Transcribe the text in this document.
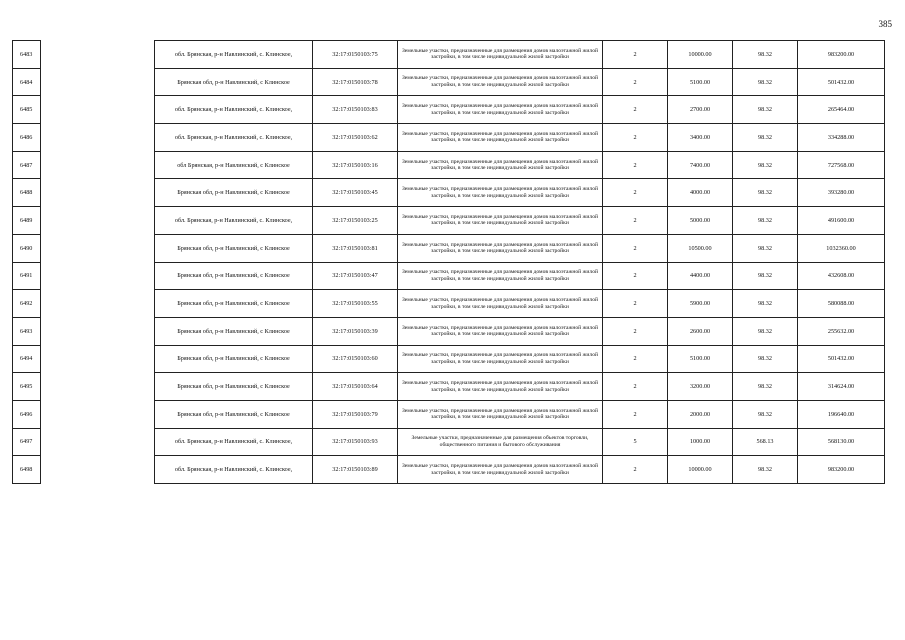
385
6483		обл. Брянская, р-н Навлинский, с. Клинское,	32:17:0150103:75	Земельные участки, предназначенные для размещения домов малоэтажной жилой застройки, в том числе индивидуальной жилой застройки	2	10000.00	98.32	983200.00
6484		Брянская обл, р-н Навлинский, с Клинское	32:17:0150103:78	Земельные участки, предназначенные для размещения домов малоэтажной жилой застройки, в том числе индивидуальной жилой застройки	2	5100.00	98.32	501432.00
6485		обл. Брянская, р-н Навлинский, с. Клинское,	32:17:0150103:83	Земельные участки, предназначенные для размещения домов малоэтажной жилой застройки, в том числе индивидуальной жилой застройки	2	2700.00	98.32	265464.00
6486		обл. Брянская, р-н Навлинский, с. Клинское,	32:17:0150103:62	Земельные участки, предназначенные для размещения домов малоэтажной жилой застройки, в том числе индивидуальной жилой застройки	2	3400.00	98.32	334288.00
6487		обл Брянская, р-н Навлинский, с Клинское	32:17:0150103:16	Земельные участки, предназначенные для размещения домов малоэтажной жилой застройки, в том числе индивидуальной жилой застройки	2	7400.00	98.32	727568.00
6488		Брянская обл, р-н Навлинский, с Клинское	32:17:0150103:45	Земельные участки, предназначенные для размещения домов малоэтажной жилой застройки, в том числе индивидуальной жилой застройки	2	4000.00	98.32	393280.00
6489		обл. Брянская, р-н Навлинский, с. Клинское,	32:17:0150103:25	Земельные участки, предназначенные для размещения домов малоэтажной жилой застройки, в том числе индивидуальной жилой застройки	2	5000.00	98.32	491600.00
6490		Брянская обл, р-н Навлинский, с Клинское	32:17:0150103:81	Земельные участки, предназначенные для размещения домов малоэтажной жилой застройки, в том числе индивидуальной жилой застройки	2	10500.00	98.32	1032360.00
6491		Брянская обл, р-н Навлинский, с Клинское	32:17:0150103:47	Земельные участки, предназначенные для размещения домов малоэтажной жилой застройки, в том числе индивидуальной жилой застройки	2	4400.00	98.32	432608.00
6492		Брянская обл, р-н Навлинский, с Клинское	32:17:0150103:55	Земельные участки, предназначенные для размещения домов малоэтажной жилой застройки, в том числе индивидуальной жилой застройки	2	5900.00	98.32	580088.00
6493		Брянская обл, р-н Навлинский, с Клинское	32:17:0150103:39	Земельные участки, предназначенные для размещения домов малоэтажной жилой застройки, в том числе индивидуальной жилой застройки	2	2600.00	98.32	255632.00
6494		Брянская обл, р-н Навлинский, с Клинское	32:17:0150103:60	Земельные участки, предназначенные для размещения домов малоэтажной жилой застройки, в том числе индивидуальной жилой застройки	2	5100.00	98.32	501432.00
6495		Брянская обл, р-н Навлинский, с Клинское	32:17:0150103:64	Земельные участки, предназначенные для размещения домов малоэтажной жилой застройки, в том числе индивидуальной жилой застройки	2	3200.00	98.32	314624.00
6496		Брянская обл, р-н Навлинский, с Клинское	32:17:0150103:79	Земельные участки, предназначенные для размещения домов малоэтажной жилой застройки, в том числе индивидуальной жилой застройки	2	2000.00	98.32	196640.00
6497		обл. Брянская, р-н Навлинский, с. Клинское,	32:17:0150103:93	Земельные участки, предназначенные для размещения объектов торговли, общественного питания и бытового обслуживания	5	1000.00	568.13	568130.00
6498		обл. Брянская, р-н Навлинский, с. Клинское,	32:17:0150103:89	Земельные участки, предназначенные для размещения домов малоэтажной жилой застройки, в том числе индивидуальной жилой застройки	2	10000.00	98.32	983200.00
